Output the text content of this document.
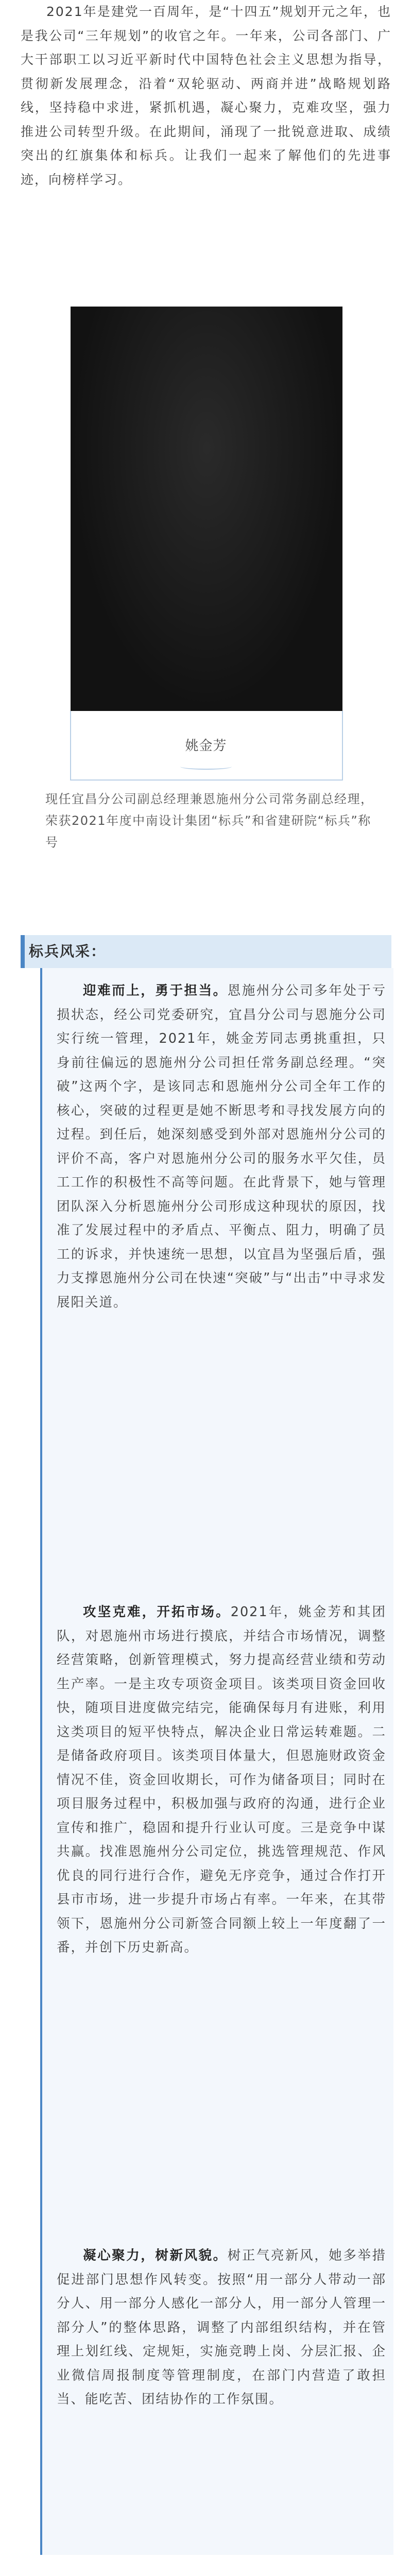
2021年是建党一百周年，是“十四五”规划开元之年，也是我公司“三年规划”的收官之年。一年来，公司各部门、广大干部职工以习近平新时代中国特色社会主义思想为指导，贯彻新发展理念，沿着“双轮驱动、两商并进”战略规划路线，坚持稳中求进，紧抓机遇，凝心聚力，克难攻坚，强力推进公司转型升级。在此期间，涌现了一批锐意进取、成绩突出的红旗集体和标兵。让我们一起来了解他们的先进事迹，向榜样学习。
姚金芳
现任宜昌分公司副总经理兼恩施州分公司常务副总经理，荣获2021年度中南设计集团“标兵”和省建研院“标兵”称号
标兵风采：
迎难而上，勇于担当。恩施州分公司多年处于亏损状态，经公司党委研究，宜昌分公司与恩施分公司实行统一管理，2021年，姚金芳同志勇挑重担，只身前往偏远的恩施州分公司担任常务副总经理。“突破”这两个字，是该同志和恩施州分公司全年工作的核心，突破的过程更是她不断思考和寻找发展方向的过程。到任后，她深刻感受到外部对恩施州分公司的评价不高，客户对恩施州分公司的服务水平欠佳，员工工作的积极性不高等问题。在此背景下，她与管理团队深入分析恩施州分公司形成这种现状的原因，找准了发展过程中的矛盾点、平衡点、阻力，明确了员工的诉求，并快速统一思想，以宜昌为坚强后盾，强力支撑恩施州分公司在快速“突破”与“出击”中寻求发展阳关道。
攻坚克难，开拓市场。2021年，姚金芳和其团队，对恩施州市场进行摸底，并结合市场情况，调整经营策略，创新管理模式，努力提高经营业绩和劳动生产率。一是主攻专项资金项目。该类项目资金回收快，随项目进度做完结完，能确保每月有进账，利用这类项目的短平快特点，解决企业日常运转难题。二是储备政府项目。该类项目体量大，但恩施财政资金情况不佳，资金回收期长，可作为储备项目；同时在项目服务过程中，积极加强与政府的沟通，进行企业宣传和推广，稳固和提升行业认可度。三是竞争中谋共赢。找准恩施州分公司定位，挑选管理规范、作风优良的同行进行合作，避免无序竞争，通过合作打开县市市场，进一步提升市场占有率。一年来，在其带领下，恩施州分公司新签合同额上较上一年度翻了一番，并创下历史新高。
凝心聚力，树新风貌。树正气亮新风，她多举措促进部门思想作风转变。按照“用一部分人带动一部分人、用一部分人感化一部分人，用一部分人管理一部分人”的整体思路，调整了内部组织结构，并在管理上划红线、定规矩，实施竞聘上岗、分层汇报、企业微信周报制度等管理制度，在部门内营造了敢担当、能吃苦、团结协作的工作氛围。
